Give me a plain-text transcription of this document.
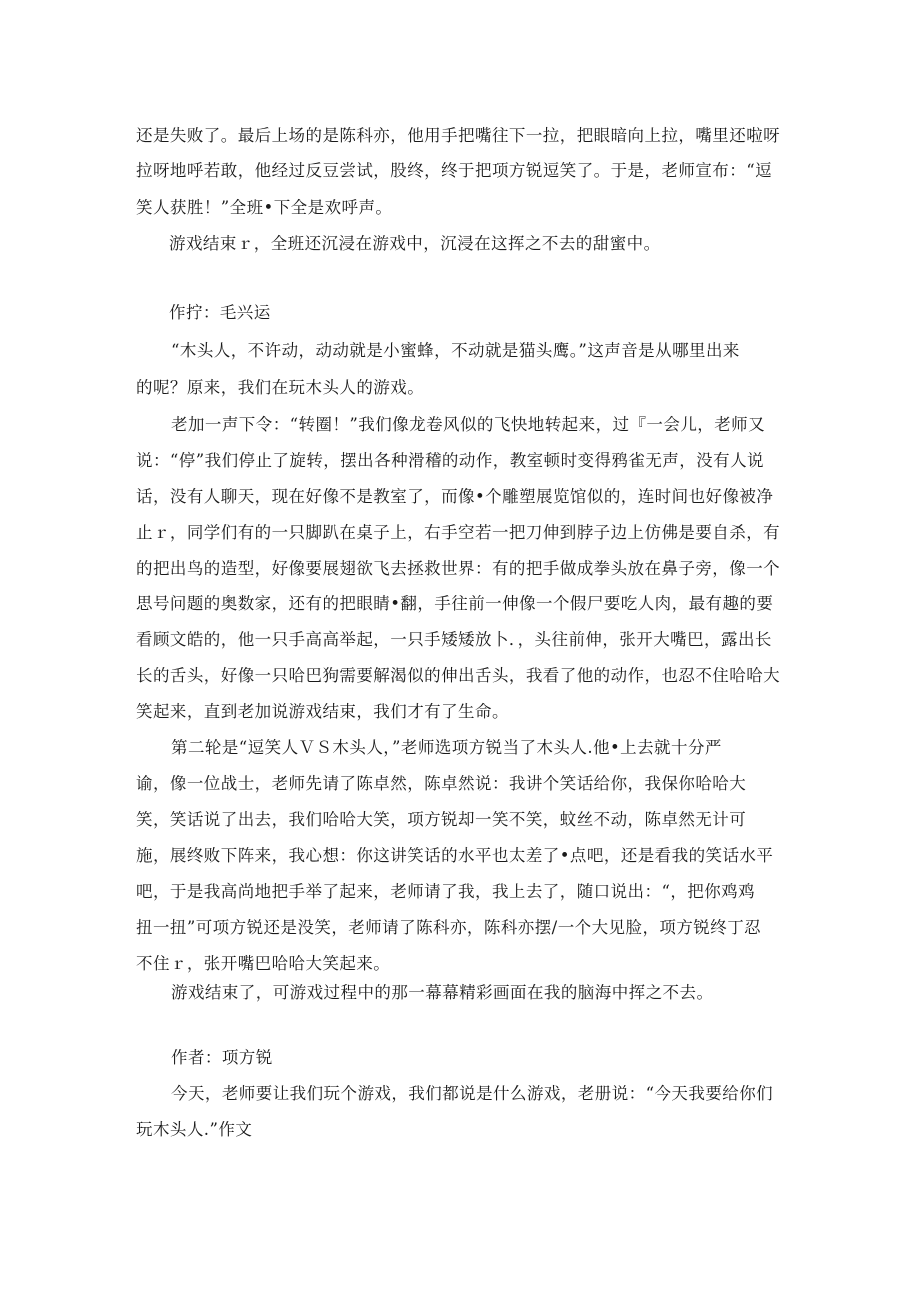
还是失败了。最后上场的是陈科亦，他用手把嘴往下一拉，把眼暗向上拉，嘴里还啦呀
拉呀地呼若敢，他经过反豆尝试，股终，终于把项方锐逗笑了。于是，老师宣布：“逗
笑人获胜！”全班•下全是欢呼声。
游戏结束ｒ，全班还沉浸在游戏中，沉浸在这挥之不去的甜蜜中。
作拧：毛兴运
“木头人，不许动，动动就是小蜜蜂，不动就是猫头鹰。”这声音是从哪里出来
的呢？原来，我们在玩木头人的游戏。
老加一声下令：“转圈！”我们像龙卷风似的飞快地转起来，过『一会儿，老师又
说：“停”我们停止了旋转，摆出各种滑稽的动作，教室顿时变得鸦雀无声，没有人说
话，没有人聊天，现在好像不是教室了，而像•个雕塑展览馆似的，连时间也好像被净
止ｒ，同学们有的一只脚趴在桌子上，右手空若一把刀伸到脖子边上仿佛是要自杀，有
的把出鸟的造型，好像要展翅欲飞去拯救世界：有的把手做成拳头放在鼻子旁，像一个
思号问题的奥数家，还有的把眼睛•翻，手往前一伸像一个假尸要吃人肉，最有趣的要
看顾文皓的，他一只手高高举起，一只手矮矮放卜．，头往前伸，张开大嘴巴，露出长
长的舌头，好像一只哈巴狗需要解渴似的伸出舌头，我看了他的动作，也忍不住哈哈大
笑起来，直到老加说游戏结束，我们才有了生命。
第二轮是“逗笑人ＶＳ木头人，”老师选项方锐当了木头人.他•上去就十分严
谕，像一位战士，老师先请了陈卓然，陈卓然说：我讲个笑话给你，我保你哈哈大
笑，笑话说了出去，我们哈哈大笑，项方锐却一笑不笑，蚊丝不动，陈卓然无计可
施，展终败下阵来，我心想：你这讲笑话的水平也太差了•点吧，还是看我的笑话水平
吧，于是我高尚地把手举了起来，老师请了我，我上去了，随口说出：“，把你鸡鸡
扭一扭”可项方锐还是没笑，老师请了陈科亦，陈科亦摆/一个大见脸，项方锐终丁忍
不住ｒ，张开嘴巴哈哈大笑起来。
游戏结束了，可游戏过程中的那一幕幕精彩画面在我的脑海中挥之不去。
作者：项方锐
今天，老师要让我们玩个游戏，我们都说是什么游戏，老册说：“今天我要给你们
玩木头人.”作文
